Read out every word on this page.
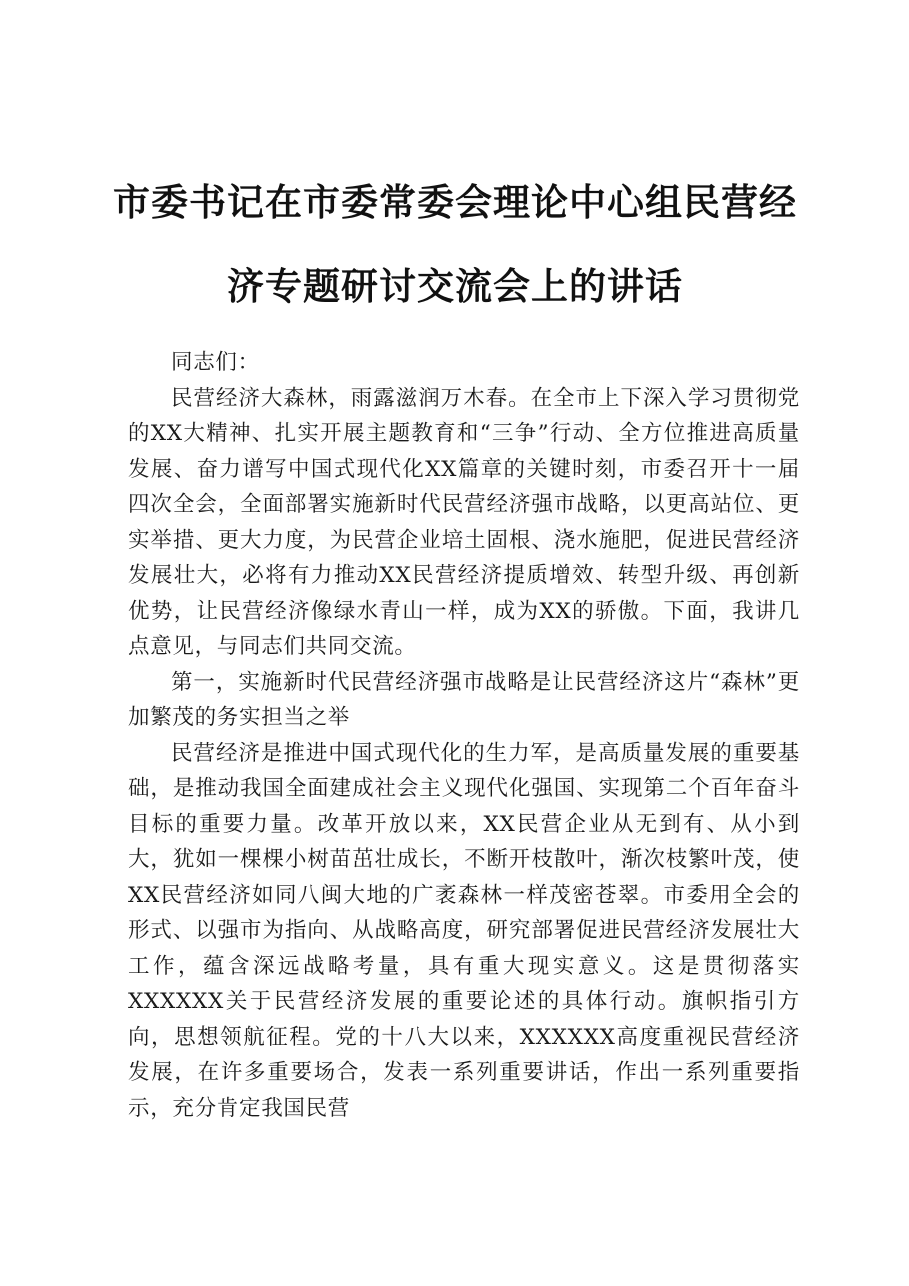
市委书记在市委常委会理论中心组民营经济专题研讨交流会上的讲话

同志们：

民营经济大森林，雨露滋润万木春。在全市上下深入学习贯彻党的XX大精神、扎实开展主题教育和“三争”行动、全方位推进高质量发展、奋力谱写中国式现代化XX篇章的关键时刻，市委召开十一届四次全会，全面部署实施新时代民营经济强市战略，以更高站位、更实举措、更大力度，为民营企业培土固根、浇水施肥，促进民营经济发展壮大，必将有力推动XX民营经济提质增效、转型升级、再创新优势，让民营经济像绿水青山一样，成为XX的骄傲。下面，我讲几点意见，与同志们共同交流。

第一，实施新时代民营经济强市战略是让民营经济这片“森林”更加繁茂的务实担当之举

民营经济是推进中国式现代化的生力军，是高质量发展的重要基础，是推动我国全面建成社会主义现代化强国、实现第二个百年奋斗目标的重要力量。改革开放以来，XX民营企业从无到有、从小到大，犹如一棵棵小树苗茁壮成长，不断开枝散叶，渐次枝繁叶茂，使XX民营经济如同八闽大地的广袤森林一样茂密苍翠。市委用全会的形式、以强市为指向、从战略高度，研究部署促进民营经济发展壮大工作，蕴含深远战略考量，具有重大现实意义。这是贯彻落实XXXXXX关于民营经济发展的重要论述的具体行动。旗帜指引方向，思想领航征程。党的十八大以来，XXXXXX高度重视民营经济发展，在许多重要场合，发表一系列重要讲话，作出一系列重要指示，充分肯定我国民营
